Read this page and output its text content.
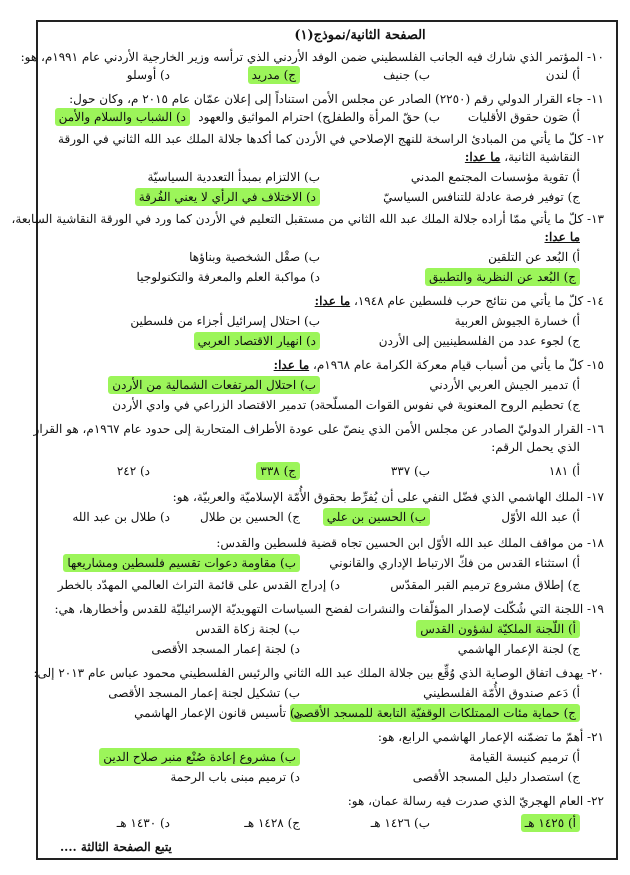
الصفحة الثانية/نموذج(١)
١٠- المؤتمر الذي شارك فيه الجانب الفلسطيني ضمن الوفد الأردني الذي ترأسه وزير الخارجية الأردني عام ١٩٩١م، هو:
أ) لندن
ب) جنيف
ج) مدريد
د) أوسلو
١١- جاء القرار الدولي رقم (٢٢٥٠) الصادر عن مجلس الأمن استناداً إلى إعلان عمّان عام ٢٠١٥ م، وكان حول:
أ) صَون حقوق الأقليات
ب) حقّ المرأة والطفل
ج) احترام المواثيق والعهود
د) الشباب والسلام والأمن
١٢- كلّ ما يأتي من المبادئ الراسخة للنهج الإصلاحي في الأردن كما أكدها جلالة الملك عبد الله الثاني في الورقة
النقاشية الثانية، ما عدا:
أ) تقوية مؤسسات المجتمع المدني
ب) الالتزام بمبدأ التعددية السياسيّة
ج) توفير فرصة عادلة للتنافس السياسيّ
د) الاختلاف في الرأي لا يعني الفُرقة
١٣- كلّ ما يأتي ممّا أراده جلالة الملك عبد الله الثاني من مستقبل التعليم في الأردن كما ورد في الورقة النقاشية السابعة،
ما عدا:
أ) البُعد عن التلقين
ب) صقْل الشخصية وبناؤها
ج) البُعد عن النظرية والتطبيق
د) مواكبة العلم والمعرفة والتكنولوجيا
١٤- كلّ ما يأتي من نتائج حرب فلسطين عام ١٩٤٨، ما عدا:
أ) خسارة الجيوش العربية
ب) احتلال إسرائيل أجزاء من فلسطين
ج) لجوء عدد من الفلسطينيين إلى الأردن
د) انهيار الاقتصاد العربي
١٥- كلّ ما يأتي من أسباب قيام معركة الكرامة عام ١٩٦٨م، ما عدا:
أ) تدمير الجيش العربي الأردني
ب) احتلال المرتفعات الشمالية من الأردن
ج) تحطيم الروح المعنوية في نفوس القوات المسلّحة
د) تدمير الاقتصاد الزراعي في وادي الأردن
١٦- القرار الدوليّ الصادر عن مجلس الأمن الذي ينصّ على عودة الأطراف المتحاربة إلى حدود عام ١٩٦٧م، هو القرار
الذي يحمل الرقم:
أ) ١٨١
ب) ٣٣٧
ج) ٣٣٨
د) ٢٤٢
١٧- الملك الهاشمي الذي فضّل النفي على أن يُفرِّط بحقوق الأُمّة الإسلاميّة والعربيّة، هو:
أ) عبد الله الأوّل
ب) الحسين بن علي
ج) الحسين بن طلال
د) طلال بن عبد الله
١٨- من مواقف الملك عبد الله الأوّل ابن الحسين تجاه قضية فلسطين والقدس:
أ) استثناء القدس من فكّ الارتباط الإداري والقانوني
ب) مقاومة دعوات تقسيم فلسطين ومشاريعها
ج) إطلاق مشروع ترميم القبر المقدّس
د) إدراج القدس على قائمة التراث العالمي المهدّد بالخطر
١٩- اللجنة التي شُكّلت لإصدار المؤلّفات والنشرات لفضح السياسات التهويديّة الإسرائيليّة للقدس وأخطارها، هي:
أ) اللّجنة الملكيّة لشؤون القدس
ب) لجنة زكاة القدس
ج) لجنة الإعمار الهاشمي
د) لجنة إعمار المسجد الأقصى
٢٠- يهدف اتفاق الوصاية الذي وُقِّع بين جلالة الملك عبد الله الثاني والرئيس الفلسطيني محمود عباس عام ٢٠١٣ إلى:
أ) دَعم صندوق الأُمّة الفلسطيني
ب) تشكيل لجنة إعمار المسجد الأقصى
ج) حماية مئات الممتلكات الوقفيّة التابعة للمسجد الأقصى
د) تأسيس قانون الإعمار الهاشمي
٢١- أهمّ ما تضمّنه الإعمار الهاشمي الرابع، هو:
أ) ترميم كنيسة القيامة
ب) مشروع إعادة صُنْع منبر صلاح الدين
ج) استصدار دليل المسجد الأقصى
د) ترميم مبنى باب الرحمة
٢٢- العام الهجريّ الذي صدرت فيه رسالة عمان، هو:
أ) ١٤٢٥ هـ
ب) ١٤٢٦ هـ
ج) ١٤٢٨ هـ
د) ١٤٣٠ هـ
يتبع الصفحة الثالثة ....
